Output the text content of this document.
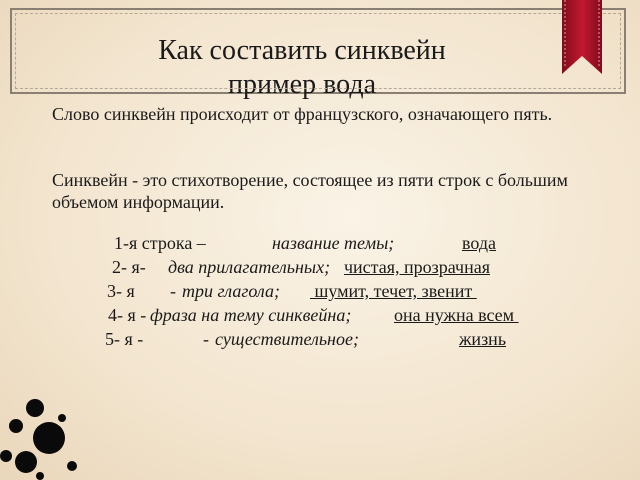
Как составить синквейн
пример вода

Слово синквейн происходит от французского, означающего пять.

Синквейн - это стихотворение, состоящее из пяти строк с большим объемом информации.

1-я строка –	название темы;	вода
2- я- два прилагательных; чистая, прозрачная
3- я - три глагола; шумит, течет, звенит
4- я - фраза на тему синквейна; она нужна всем
5- я -	- существительное;	жизнь
